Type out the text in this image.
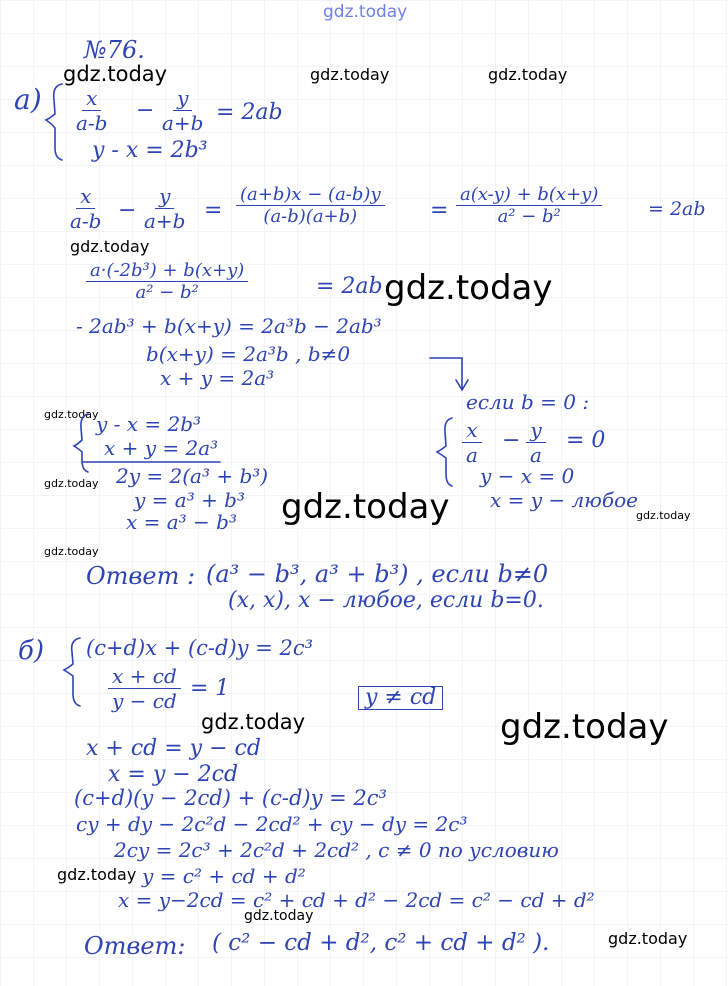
gdz.today
gdz.today	gdz.today	gdz.today
gdz.today
gdz.today
gdz.today
gdz.today
gdz.today	gdz.today
gdz.today
gdz.today	gdz.today
gdz.today
gdz.today
gdz.today
№76.
$а) \frac{x}{a-b} - \frac{y}{a+b} = 2ab$
y - x = 2b³
$\frac{x}{a-b} - \frac{y}{a+b} = \frac{(a+b)x - (a-b)y}{(a-b)(a+b)} = \frac{a(x-y) + b(x+y)}{\text{a² − b²}} = 2ab$
$\frac{\text{a·(-2b³) + b(x+y)}}{\text{a² − b²}}$	= 2ab
- 2ab³ + b(x+y) = 2a³b − 2ab³
b(x+y) = 2a³b , b≠0
x + y = 2a³
y - x = 2b³
x + y = 2a³
2y = 2(a³ + b³)
y = a³ + b³
x = a³ − b³
если b = 0 :
$\frac{x}{a} - \frac{y}{a} = 0$
y − x = 0
x = y − любое
Ответ : (a³ − b³, a³ + b³) , если b≠0
(x, x), x − любое, если b=0.
б) (c+d)x + (c-d)y = 2c³
$\frac{x + cd}{y - cd} = 1$	y ≠ cd
x + cd = y − cd
x = y − 2cd
(c+d)(y − 2cd) + (c-d)y = 2c³
cy + dy − 2c²d − 2cd² + cy − dy = 2c³
2cy = 2c³ + 2c²d + 2cd² , c ≠ 0 по условию
y = c² + cd + d²
x = y−2cd = c² + cd + d² − 2cd = c² − cd + d²
Ответ: ( c² − cd + d², c² + cd + d² ).
